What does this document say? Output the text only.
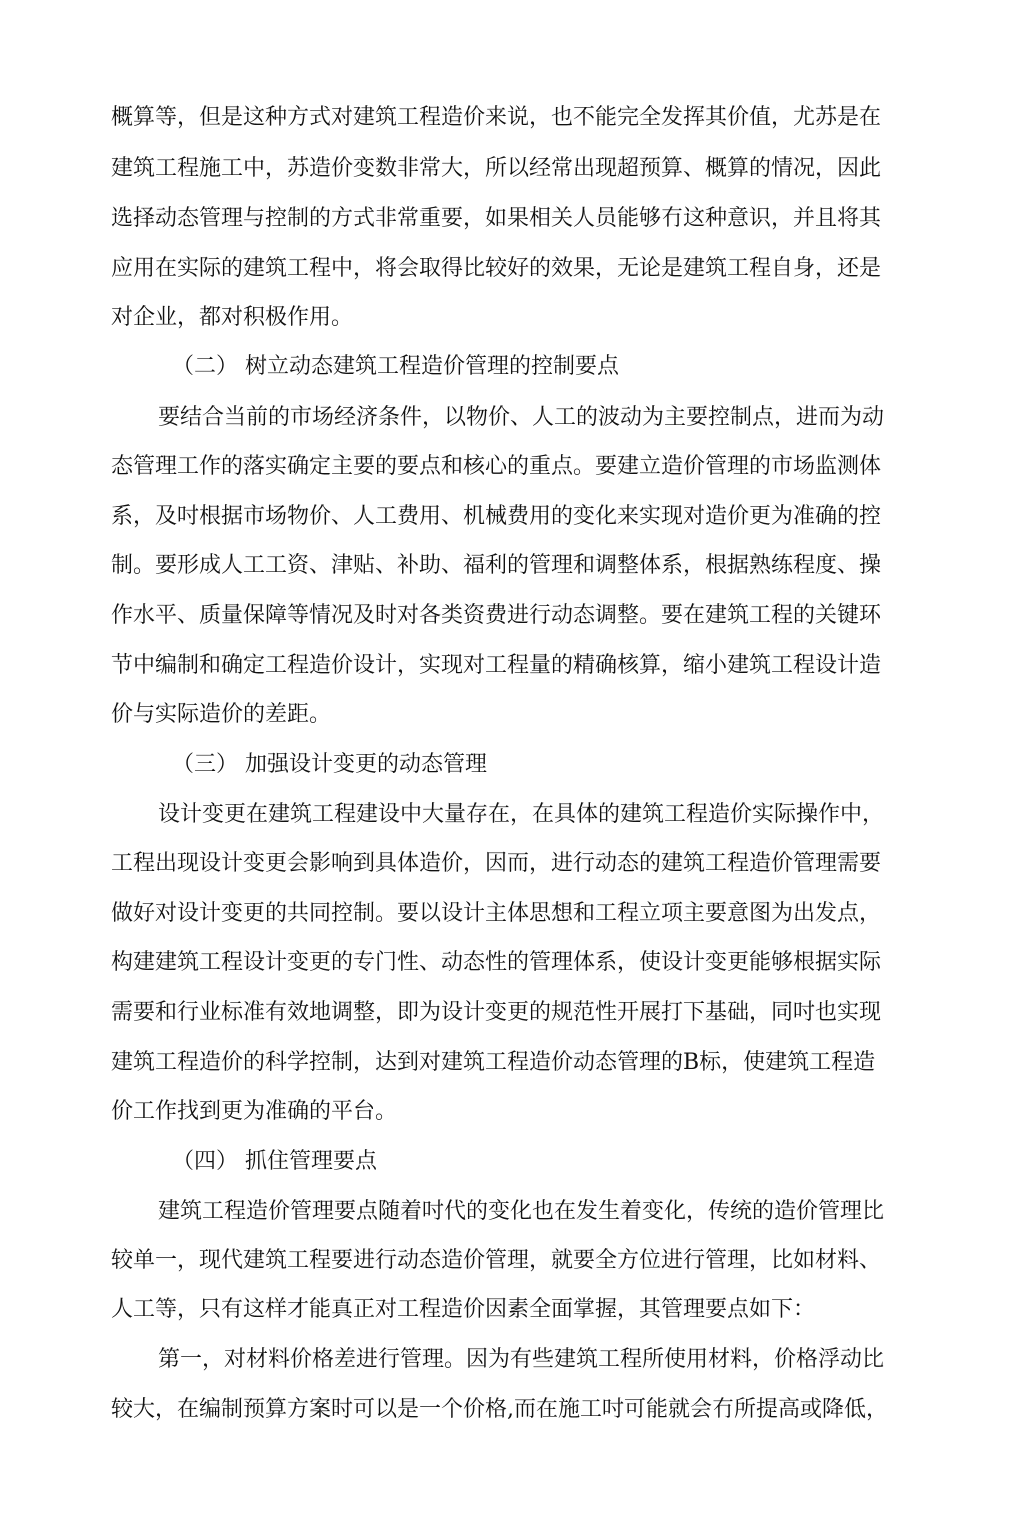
概算等，但是这种方式对建筑工程造价来说，也不能完全发挥其价值，尤苏是在
建筑工程施工中，苏造价变数非常大，所以经常出现超预算、概算的情况，因此
选择动态管理与控制的方式非常重要，如果相关人员能够冇这种意识，并且将其
应用在实际的建筑工程中，将会取得比较好的效果，无论是建筑工程自身，还是
对企业，都对积极作用。
（二） 树立动态建筑工程造价管理的控制要点
要结合当前的市场经济条件，以物价、人工的波动为主要控制点，进而为动
态管理工作的落实确定主要的要点和核心的重点。要建立造价管理的市场监测体
系，及吋根据市场物价、人工费用、机械费用的变化来实现对造价更为准确的控
制。要形成人工工资、津贴、补助、福利的管理和调整体系，根据熟练程度、操
作水平、质量保障等情况及时对各类资费进行动态调整。要在建筑工程的关键环
节中编制和确定工程造价设计，实现对工程量的精确核算，缩小建筑工程设计造
价与实际造价的差距。
（三） 加强设计变更的动态管理
设计变更在建筑工程建设中大量存在，在具体的建筑工程造价实际操作中，
工程出现设计变更会影响到具体造价，因而，进行动态的建筑工程造价管理需要
做好对设计变更的共同控制。要以设计主体思想和工程立项主要意图为出发点，
构建建筑工程设计变更的专门性、动态性的管理体系，使设计变更能够根据实际
需要和行业标准有效地调整，即为设计变更的规范性开展打下基础，同吋也实现
建筑工程造价的科学控制，达到对建筑工程造价动态管理的B标，使建筑工程造
价工作找到更为准确的平台。
（四） 抓住管理要点
建筑工程造价管理要点随着吋代的变化也在发生着变化，传统的造价管理比
较单一，现代建筑工程要进行动态造价管理，就要全方位进行管理，比如材料、
人工等，只有这样才能真正对工程造价因素全面掌握，其管理要点如下：
第一，对材料价格差进行管理。因为有些建筑工程所使用材料，价格浮动比
较大，在编制预算方案时可以是一个价格,而在施工吋可能就会冇所提高或降低，
